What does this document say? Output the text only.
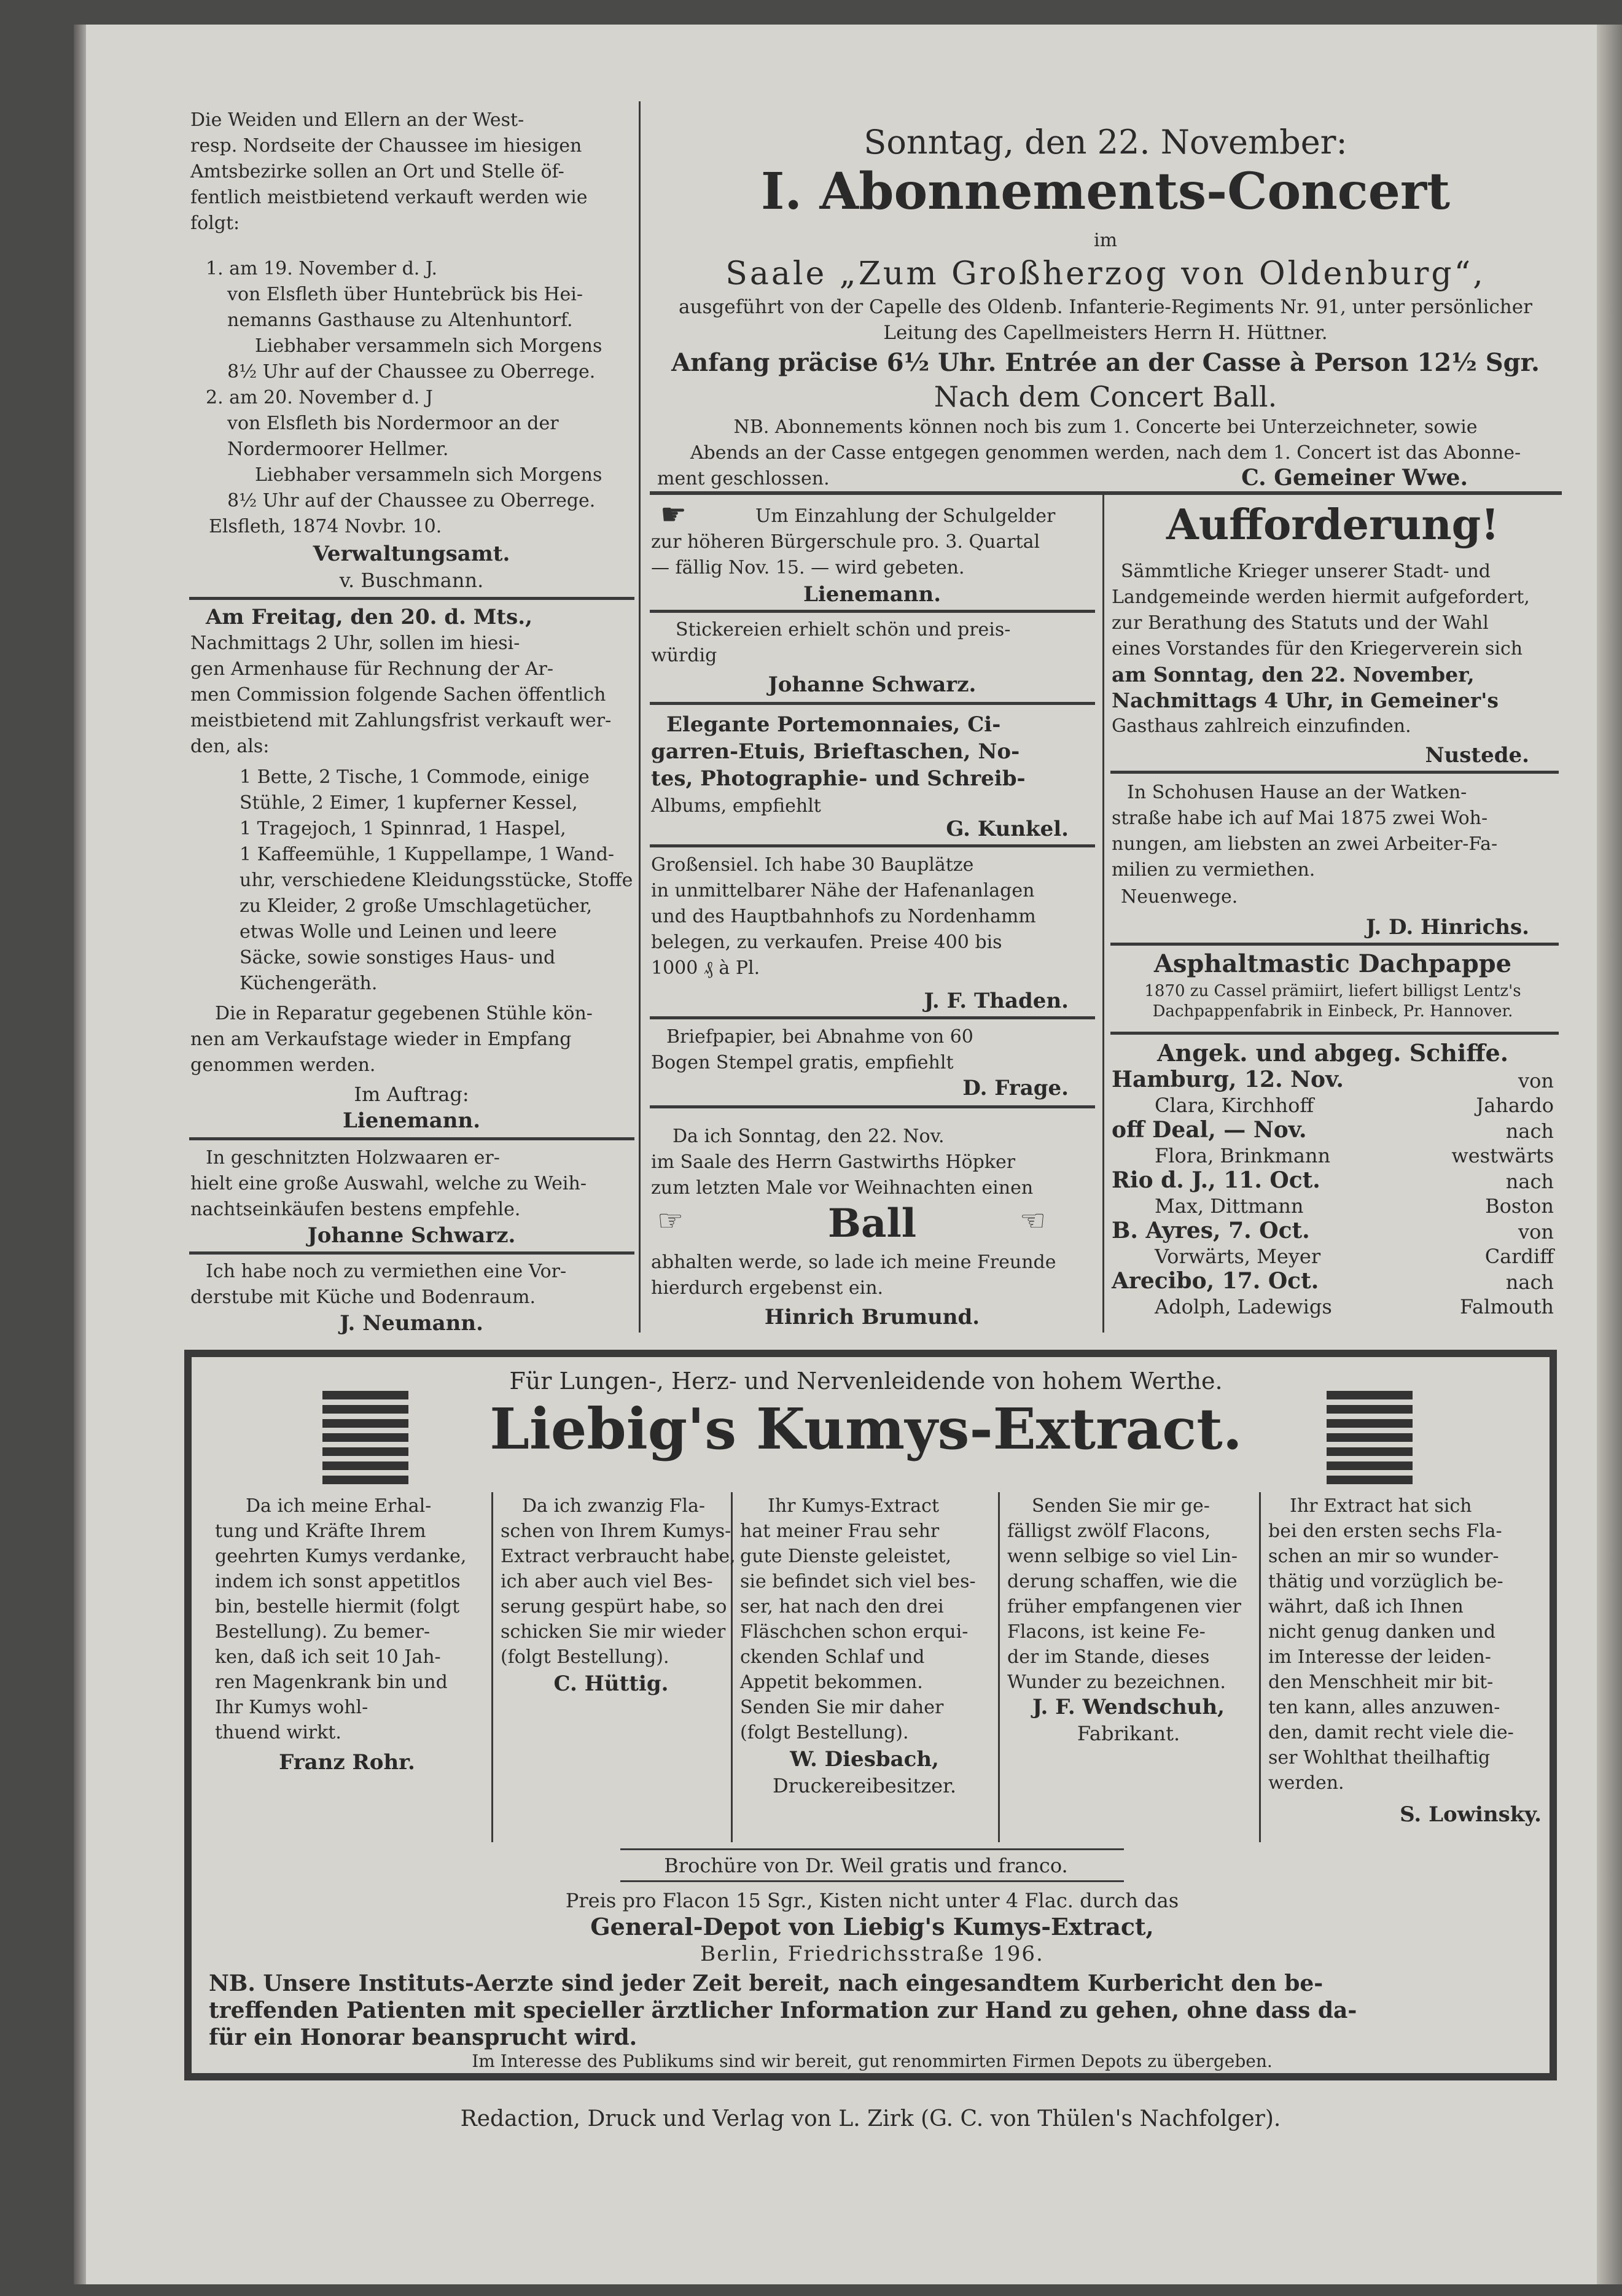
Die Weiden und Ellern an der West-
resp. Nordseite der Chaussee im hiesigen
Amtsbezirke sollen an Ort und Stelle öf-
fentlich meistbietend verkauft werden wie
folgt:
1. am 19. November d. J.
von Elsfleth über Huntebrück bis Hei-
nemanns Gasthause zu Altenhuntorf.
Liebhaber versammeln sich Morgens
8½ Uhr auf der Chaussee zu Oberrege.
2. am 20. November d. J
von Elsfleth bis Nordermoor an der
Nordermoorer Hellmer.
Liebhaber versammeln sich Morgens
8½ Uhr auf der Chaussee zu Oberrege.
Elsfleth, 1874 Novbr. 10.
Verwaltungsamt.
v. Buschmann.
Am Freitag, den 20. d. Mts.,
Nachmittags 2 Uhr, sollen im hiesi-
gen Armenhause für Rechnung der Ar-
men Commission folgende Sachen öffentlich
meistbietend mit Zahlungsfrist verkauft wer-
den, als:
1 Bette, 2 Tische, 1 Commode, einige
Stühle, 2 Eimer, 1 kupferner Kessel,
1 Tragejoch, 1 Spinnrad, 1 Haspel,
1 Kaffeemühle, 1 Kuppellampe, 1 Wand-
uhr, verschiedene Kleidungsstücke, Stoffe
zu Kleider, 2 große Umschlagetücher,
etwas Wolle und Leinen und leere
Säcke, sowie sonstiges Haus- und
Küchengeräth.
Die in Reparatur gegebenen Stühle kön-
nen am Verkaufstage wieder in Empfang
genommen werden.
Im Auftrag:
Lienemann.
In geschnitzten Holzwaaren er-
hielt eine große Auswahl, welche zu Weih-
nachtseinkäufen bestens empfehle.
Johanne Schwarz.
Ich habe noch zu vermiethen eine Vor-
derstube mit Küche und Bodenraum.
J. Neumann.
Sonntag, den 22. November:
I. Abonnements-Concert
im
Saale „Zum Großherzog von Oldenburg“,
ausgeführt von der Capelle des Oldenb. Infanterie-Regiments Nr. 91, unter persönlicher
Leitung des Capellmeisters Herrn H. Hüttner.
Anfang präcise 6½ Uhr. Entrée an der Casse à Person 12½ Sgr.
Nach dem Concert Ball.
NB. Abonnements können noch bis zum 1. Concerte bei Unterzeichneter, sowie
Abends an der Casse entgegen genommen werden, nach dem 1. Concert ist das Abonne-
ment geschlossen.	C. Gemeiner Wwe.
☛	Um Einzahlung der Schulgelder
zur höheren Bürgerschule pro. 3. Quartal
— fällig Nov. 15. — wird gebeten.
Lienemann.
Stickereien erhielt schön und preis-
würdig
Johanne Schwarz.
Elegante Portemonnaies, Ci-
garren-Etuis, Brieftaschen, No-
tes, Photographie- und Schreib-
Albums, empfiehlt
G. Kunkel.
Großensiel. Ich habe 30 Bauplätze
in unmittelbarer Nähe der Hafenanlagen
und des Hauptbahnhofs zu Nordenhamm
belegen, zu verkaufen. Preise 400 bis
1000 ₰ à Pl.
J. F. Thaden.
Briefpapier, bei Abnahme von 60
Bogen Stempel gratis, empfiehlt
D. Frage.
Da ich Sonntag, den 22. Nov.
im Saale des Herrn Gastwirths Höpker
zum letzten Male vor Weihnachten einen
☞	Ball	☜
abhalten werde, so lade ich meine Freunde
hierdurch ergebenst ein.
Hinrich Brumund.
Aufforderung!
Sämmtliche Krieger unserer Stadt- und
Landgemeinde werden hiermit aufgefordert,
zur Berathung des Statuts und der Wahl
eines Vorstandes für den Kriegerverein sich
am Sonntag, den 22. November,
Nachmittags 4 Uhr, in Gemeiner's
Gasthaus zahlreich einzufinden.
Nustede.
In Schohusen Hause an der Watken-
straße habe ich auf Mai 1875 zwei Woh-
nungen, am liebsten an zwei Arbeiter-Fa-
milien zu vermiethen.
Neuenwege.
J. D. Hinrichs.
Asphaltmastic Dachpappe
1870 zu Cassel prämiirt, liefert billigst Lentz's
Dachpappenfabrik in Einbeck, Pr. Hannover.
Angek. und abgeg. Schiffe.
Hamburg, 12. Nov.	von
Clara, Kirchhoff	Jahardo
off Deal, — Nov.	nach
Flora, Brinkmann	westwärts
Rio d. J., 11. Oct.	nach
Max, Dittmann	Boston
B. Ayres, 7. Oct.	von
Vorwärts, Meyer	Cardiff
Arecibo, 17. Oct.	nach
Adolph, Ladewigs	Falmouth
Für Lungen-, Herz- und Nervenleidende von hohem Werthe.
Liebig's Kumys-Extract.
Da ich meine Erhal-
tung und Kräfte Ihrem
geehrten Kumys verdanke,
indem ich sonst appetitlos
bin, bestelle hiermit (folgt
Bestellung). Zu bemer-
ken, daß ich seit 10 Jah-
ren Magenkrank bin und
Ihr Kumys wohl-
thuend wirkt.
Franz Rohr.
Da ich zwanzig Fla-
schen von Ihrem Kumys-
Extract verbraucht habe,
ich aber auch viel Bes-
serung gespürt habe, so
schicken Sie mir wieder
(folgt Bestellung).
C. Hüttig.
Ihr Kumys-Extract
hat meiner Frau sehr
gute Dienste geleistet,
sie befindet sich viel bes-
ser, hat nach den drei
Fläschchen schon erqui-
ckenden Schlaf und
Appetit bekommen.
Senden Sie mir daher
(folgt Bestellung).
W. Diesbach,
Druckereibesitzer.
Senden Sie mir ge-
fälligst zwölf Flacons,
wenn selbige so viel Lin-
derung schaffen, wie die
früher empfangenen vier
Flacons, ist keine Fe-
der im Stande, dieses
Wunder zu bezeichnen.
J. F. Wendschuh,
Fabrikant.
Ihr Extract hat sich
bei den ersten sechs Fla-
schen an mir so wunder-
thätig und vorzüglich be-
währt, daß ich Ihnen
nicht genug danken und
im Interesse der leiden-
den Menschheit mir bit-
ten kann, alles anzuwen-
den, damit recht viele die-
ser Wohlthat theilhaftig
werden.
S. Lowinsky.
Brochüre von Dr. Weil gratis und franco.
Preis pro Flacon 15 Sgr., Kisten nicht unter 4 Flac. durch das
General-Depot von Liebig's Kumys-Extract,
Berlin, Friedrichsstraße 196.
NB. Unsere Instituts-Aerzte sind jeder Zeit bereit, nach eingesandtem Kurbericht den be-
treffenden Patienten mit specieller ärztlicher Information zur Hand zu gehen, ohne dass da-
für ein Honorar beansprucht wird.
Im Interesse des Publikums sind wir bereit, gut renommirten Firmen Depots zu übergeben.
Redaction, Druck und Verlag von L. Zirk (G. C. von Thülen's Nachfolger).
